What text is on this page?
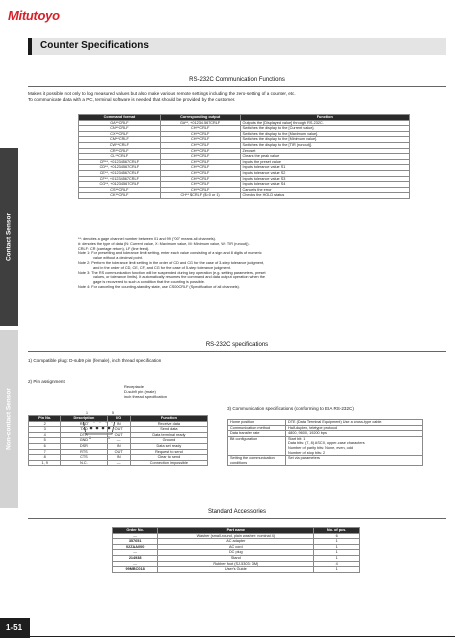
Mitutoyo
Counter Specifications
Contact Sensor
Non-contact Sensor
RS-232C Communication Functions
Makes it possible not only to log measured values but also make various remote settings including the zero-setting of a counter, etc.
To communicate data with a PC, terminal software is needed that should be provided by the customer.
Command format	Corresponding output	Function
GA**CRLF	G#**, +01234.567CRLF	Outputs the [Displayed value] through RS-232C.
CN**CRLF	CH**CRLF	Switches the display to the [Current value].
CX**CRLF	CH**CRLF	Switches the display to the [Maximum value].
CM**CRLF	CH**CRLF	Switches the display to the [Minimum value].
CW**CRLF	CH**CRLF	Switches the display to the [TIR (runout)].
CR**CRLF	CH**CRLF	Zeroset
CL**CRLF	CH**CRLF	Clears the peak value
CP**, +01234567CRLF	CH**CRLF	Inputs the preset value
CD**, +01234567CRLF	CH**CRLF	Inputs tolerance value S1
CE**, +01234567CRLF	CH**CRLF	Inputs tolerance value S2
CF**, +01234567CRLF	CH**CRLF	Inputs tolerance value S3
CG**, +01234567CRLF	CH**CRLF	Inputs tolerance value S4
CS**CRLF	CH**CRLF	Cancels the error
CK**CRLF	CH** $CRLF ($=0 or 1)	Checks the HOLD status
**: denotes a gage channel number between 01 and 99 ("00" means all channels).
#: denotes the type of data (N: Current value, X: Maximum value, M: Minimum value, W: TIR (runout)).
CRLF: CR (carriage return), LF (line feed).
Note 1: For presetting and tolerance limit setting, enter each value consisting of a sign and 8 digits of numeric
value without a decimal point.
Note 2: Perform the tolerance limit setting in the order of CD and CG for the case of 3-step tolerance judgment,
and in the order of CD, CE, CF, and CG for the case of 5-step tolerance judgment.
Note 3: The RS communication function will be suspended during key operation (e.g. setting parameters, preset
values, or tolerance limits). It automatically resumes the command and data output operation when the
gage is recovered to such a condition that the counting is possible.
Note 4: For canceling the counting-standby state, use CS00CRLF (Specification of all channels).
RS-232C specifications
1) Compatible plug: D-sub9 pin (female), inch thread specification
2) Pin assignment
1	5
6	9
Receptacle
D-sub9 pin (male)
inch thread specification
Pin No.	Description	I/O	Function
2	RXD	IN	Receive data
3	TXD	OUT	Send data
4	DTR	OUT	Data terminal ready
5	GND	—	Ground
6	DSR	IN	Data set ready
7	RTS	OUT	Request to send
8	CTS	IN	Clear to send
1, 9	N.C.	—	Connection impossible
3) Communication specifications (conforming to EIA RS-232C)
Home position	DTE (Data Terminal Equipment) Use a cross-type cable.
Communication method	Half-duplex, teletype protocol
Data transfer rate	4800, 9600, 19200 bps
Bit configuration	Start bit: 1
Data bits: (7, 8) ASCII, upper-case characters
Number of parity bits: None, even, odd
Number of stop bits: 2

Setting the communication conditions	Set via parameters
Standard Accessories
Order No.	Part name	No. of pcs.
—	Washer (small-round, plain washer: nominal 4)	6
357651	AC adapter	1
02ZAA000	AC cord	1
—	DC plug	1
214938	Stand	1
—	Rubber foot (SJ-5303: 3M)	4
99MBC018	User's Guide	1
1-51
